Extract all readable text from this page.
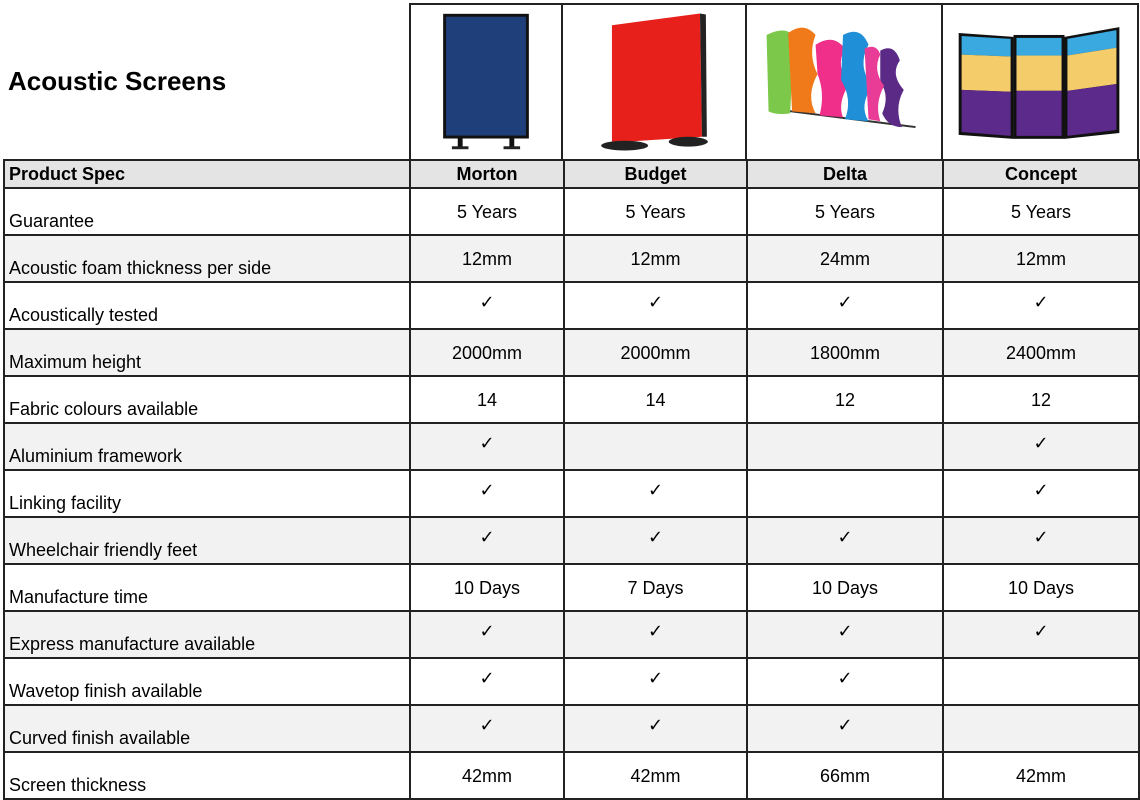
Acoustic Screens
Product Spec	Morton	Budget	Delta	Concept
Guarantee	5 Years	5 Years	5 Years	5 Years
Acoustic foam thickness per side	12mm	12mm	24mm	12mm
Acoustically tested	✓	✓	✓	✓
Maximum height	2000mm	2000mm	1800mm	2400mm
Fabric colours available	14	14	12	12
Aluminium framework	✓			✓
Linking facility	✓	✓		✓
Wheelchair friendly feet	✓	✓	✓	✓
Manufacture time	10 Days	7 Days	10 Days	10 Days
Express manufacture available	✓	✓	✓	✓
Wavetop finish available	✓	✓	✓	
Curved finish available	✓	✓	✓	
Screen thickness	42mm	42mm	66mm	42mm
